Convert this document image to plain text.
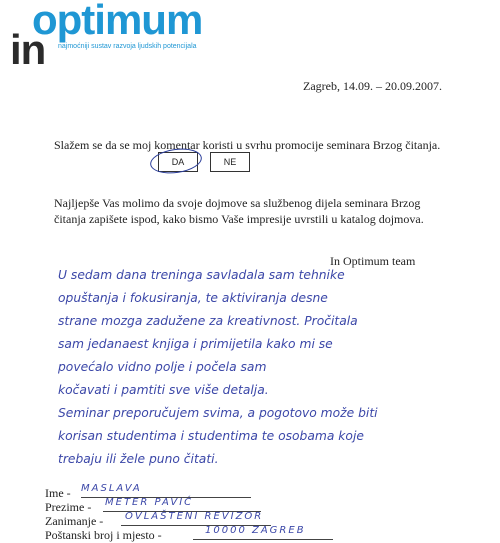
optimum
in najmoćniji sustav razvoja ljudskih potencijala
Zagreb, 14.09. – 20.09.2007.
Slažem se da se moj komentar koristi u svrhu promocije seminara Brzog čitanja.
DA	NE
Najljepše Vas molimo da svoje dojmove sa službenog dijela seminara Brzog
čitanja zapišete ispod, kako bismo Vaše impresije uvrstili u katalog dojmova.
In Optimum team
U sedam dana treninga savladala sam tehnike
opuštanja i fokusiranja, te aktiviranja desne
strane mozga zadužene za kreativnost. Pročitala
sam jedanaest knjiga i primijetila kako mi se
povećalo vidno polje i počela sam
kočavati i pamtiti sve više detalja.
Seminar preporučujem svima, a pogotovo može biti
korisan studentima i studentima te osobama koje
trebaju ili žele puno čitati.
Ime - MASLAVA
Prezime - METER PAVIĆ
Zanimanje - OVLAŠTENI REVIZOR
Poštanski broj i mjesto -	10000 ZAGREB
